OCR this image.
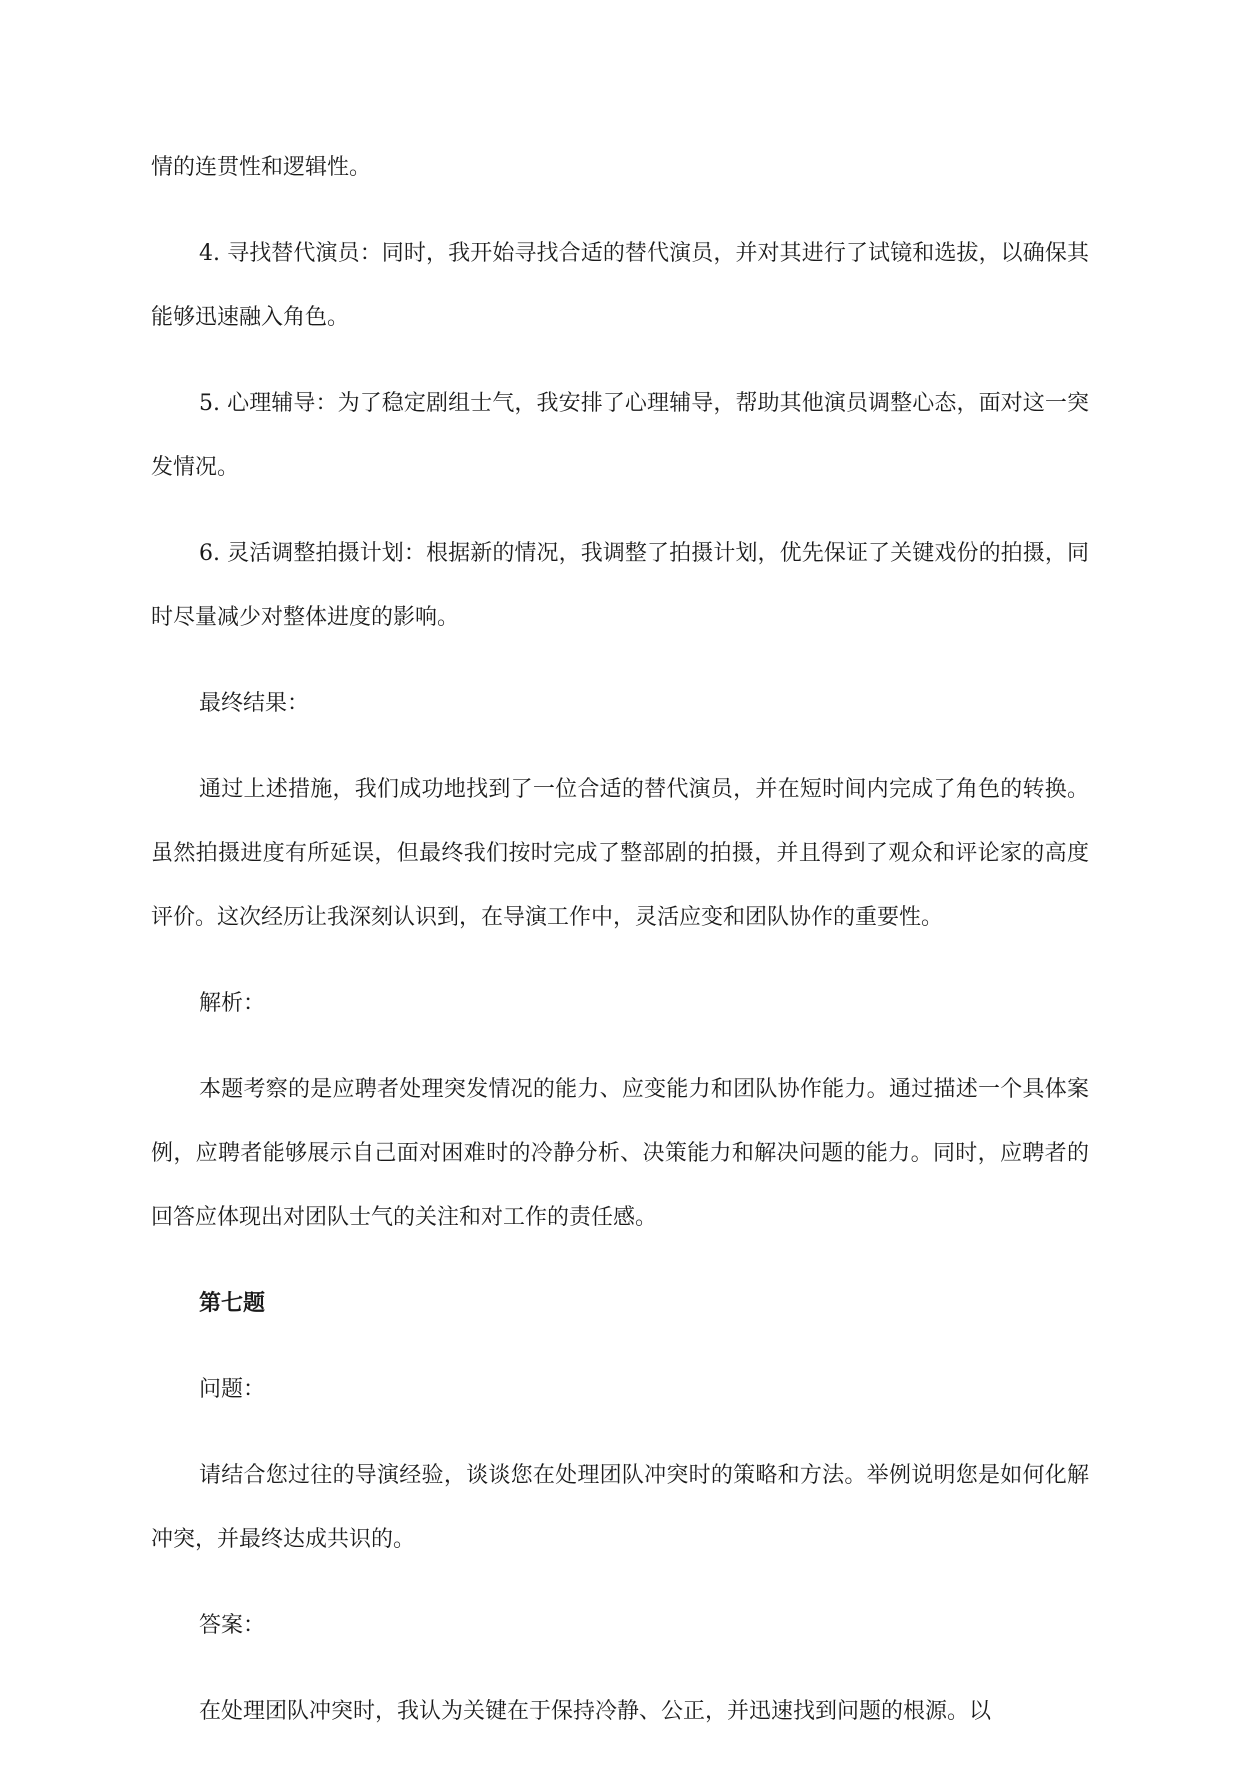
情的连贯性和逻辑性。

4. 寻找替代演员：同时，我开始寻找合适的替代演员，并对其进行了试镜和选拔，以确保其能够迅速融入角色。

5. 心理辅导：为了稳定剧组士气，我安排了心理辅导，帮助其他演员调整心态，面对这一突发情况。

6. 灵活调整拍摄计划：根据新的情况，我调整了拍摄计划，优先保证了关键戏份的拍摄，同时尽量减少对整体进度的影响。

最终结果：

通过上述措施，我们成功地找到了一位合适的替代演员，并在短时间内完成了角色的转换。虽然拍摄进度有所延误，但最终我们按时完成了整部剧的拍摄，并且得到了观众和评论家的高度评价。这次经历让我深刻认识到，在导演工作中，灵活应变和团队协作的重要性。

解析：

本题考察的是应聘者处理突发情况的能力、应变能力和团队协作能力。通过描述一个具体案例，应聘者能够展示自己面对困难时的冷静分析、决策能力和解决问题的能力。同时，应聘者的回答应体现出对团队士气的关注和对工作的责任感。

第七题

问题：

请结合您过往的导演经验，谈谈您在处理团队冲突时的策略和方法。举例说明您是如何化解冲突，并最终达成共识的。

答案：

在处理团队冲突时，我认为关键在于保持冷静、公正，并迅速找到问题的根源。以
